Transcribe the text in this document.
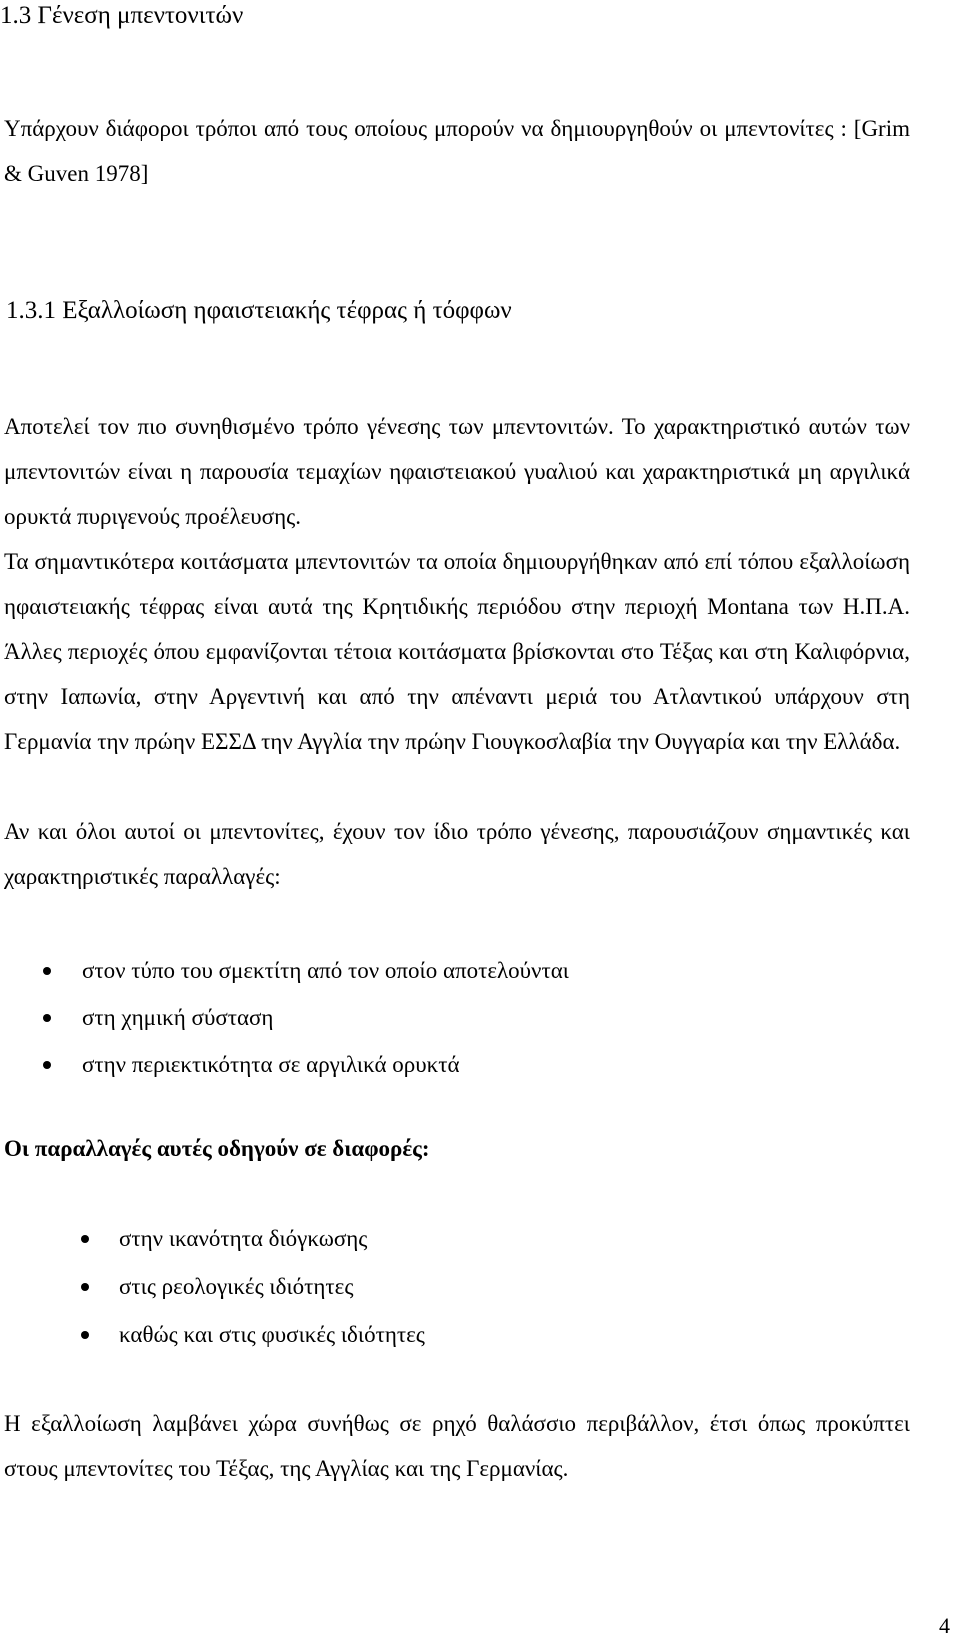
1.3 Γένεση μπεντονιτών

Υπάρχουν διάφοροι τρόποι από τους οποίους μπορούν να δημιουργηθούν οι μπεντονίτες : [Grim & Guven 1978]

1.3.1 Εξαλλοίωση ηφαιστειακής τέφρας ή τόφφων

Αποτελεί τον πιο συνηθισμένο τρόπο γένεσης των μπεντονιτών. Το χαρακτηριστικό αυτών των μπεντονιτών είναι η παρουσία τεμαχίων ηφαιστειακού γυαλιού και χαρακτηριστικά μη αργιλικά ορυκτά πυριγενούς προέλευσης.

Τα σημαντικότερα κοιτάσματα μπεντονιτών τα οποία δημιουργήθηκαν από επί τόπου εξαλλοίωση ηφαιστειακής τέφρας είναι αυτά της Κρητιδικής περιόδου στην περιοχή Montana των Η.Π.Α. Άλλες περιοχές όπου εμφανίζονται τέτοια κοιτάσματα βρίσκονται στο Τέξας και στη Καλιφόρνια, στην Ιαπωνία, στην Αργεντινή και από την απέναντι μεριά του Ατλαντικού υπάρχουν στη Γερμανία την πρώην ΕΣΣΔ την Αγγλία την πρώην Γιουγκοσλαβία την Ουγγαρία και την Ελλάδα.

Αν και όλοι αυτοί οι μπεντονίτες, έχουν τον ίδιο τρόπο γένεσης, παρουσιάζουν σημαντικές και χαρακτηριστικές παραλλαγές:

στον τύπο του σμεκτίτη από τον οποίο αποτελούνται
στη χημική σύσταση
στην περιεκτικότητα σε αργιλικά ορυκτά

Οι παραλλαγές αυτές οδηγούν σε διαφορές:

στην ικανότητα διόγκωσης
στις ρεολογικές ιδιότητες
καθώς και στις φυσικές ιδιότητες

Η εξαλλοίωση λαμβάνει χώρα συνήθως σε ρηχό θαλάσσιο περιβάλλον, έτσι όπως προκύπτει στους μπεντονίτες του Τέξας, της Αγγλίας και της Γερμανίας.

4
